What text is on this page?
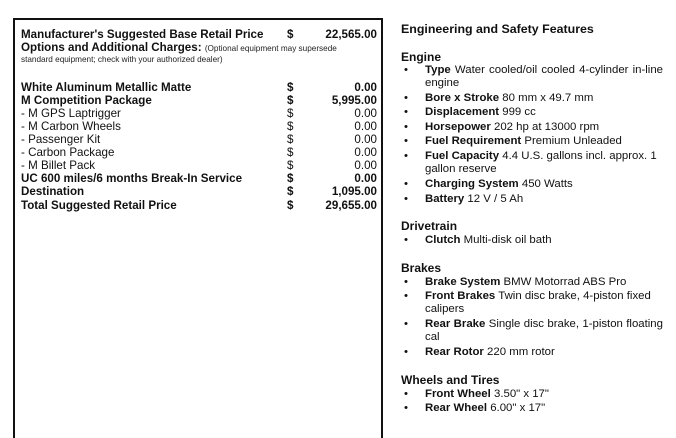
Manufacturer's Suggested Base Retail Price $	22,565.00
Options and Additional Charges: (Optional equipment may supersede
standard equipment; check with your authorized dealer)
White Aluminum Metallic Matte	$	0.00
M Competition Package	$	5,995.00
- M GPS Laptrigger	$	0.00
- M Carbon Wheels	$	0.00
- Passenger Kit	$	0.00
- Carbon Package	$	0.00
- M Billet Pack	$	0.00
UC 600 miles/6 months Break-In Service	$	0.00
Destination	$	1,095.00
Total Suggested Retail Price	$	29,655.00
Engineering and Safety Features
Engine
• Type Water cooled/oil cooled 4-cylinder in-line engine
• Bore x Stroke 80 mm x 49.7 mm
• Displacement 999 cc
• Horsepower 202 hp at 13000 rpm
• Fuel Requirement Premium Unleaded
• Fuel Capacity 4.4 U.S. gallons incl. approx. 1 gallon reserve
• Charging System 450 Watts
• Battery 12 V / 5 Ah
Drivetrain
• Clutch Multi-disk oil bath
Brakes
• Brake System BMW Motorrad ABS Pro
• Front Brakes Twin disc brake, 4-piston fixed calipers
• Rear Brake Single disc brake, 1-piston floating cal
• Rear Rotor 220 mm rotor
Wheels and Tires
• Front Wheel 3.50" x 17"
• Rear Wheel 6.00" x 17"
